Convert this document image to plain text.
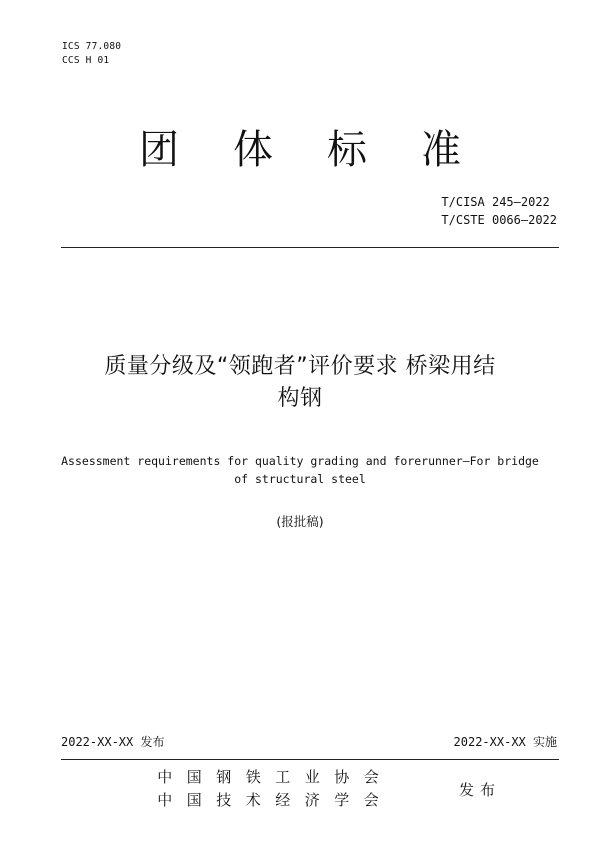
ICS 77.080
CCS H 01
团 体 标 准
T/CISA 245—2022
T/CSTE 0066—2022
质量分级及“领跑者”评价要求 桥梁用结
构钢
Assessment requirements for quality grading and forerunner—For bridge
of structural steel
(报批稿)
2022-XX-XX 发布	2022-XX-XX 实施
中 国 钢 铁 工 业 协 会
中 国 技 术 经 济 学 会
发布
